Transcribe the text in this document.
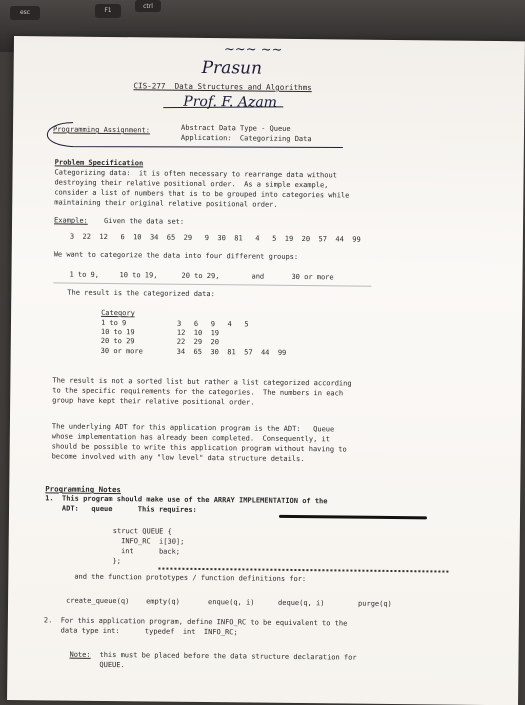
esc	F1
ctrl
~~~ ~~
Prasun
Prof. F. Azam
CIS-277  Data Structures and Algorithms
Programming Assignment:	Abstract Data Type - Queue
Application:  Categorizing Data
Problem Specification
Categorizing data:  it is often necessary to rearrange data without
destroying their relative positional order.  As a simple example,
consider a list of numbers that is to be grouped into categories while
maintaining their original relative positional order.
Example: Given the data set:
3  22  12   6  10  34  65  29   9  30  81   4   5  19  20  57  44  99
We want to categorize the data into four different groups:
1 to 9,	10 to 19,	20 to 29,	and	30 or more
The result is the categorized data:
Category
1 to 9	3   6   9   4   5
10 to 19	12  10  19
20 to 29	22  29  20
30 or more	34  65  30  81  57  44  99
The result is not a sorted list but rather a list categorized according
to the specific requirements for the categories.  The numbers in each
group have kept their relative positional order.
The underlying ADT for this application program is the ADT:   Queue
whose implementation has already been completed.  Consequently, it
should be possible to write this application program without having to
become involved with any "low level" data structure details.
Programming Notes
1.  This program should make use of the ARRAY IMPLEMENTATION of the
ADT:   queue      This requires:
struct QUEUE {
INFO_RC  i[30];
int      back;
};
and the function prototypes / function definitions for:
create_queue(q) empty(q)	enque(q, i)	deque(q, i)	purge(q)
2.  For this application program, define INFO_RC to be equivalent to the
data type int:      typedef  int  INFO_RC;
Note: this must be placed before the data structure declaration for
QUEUE.
